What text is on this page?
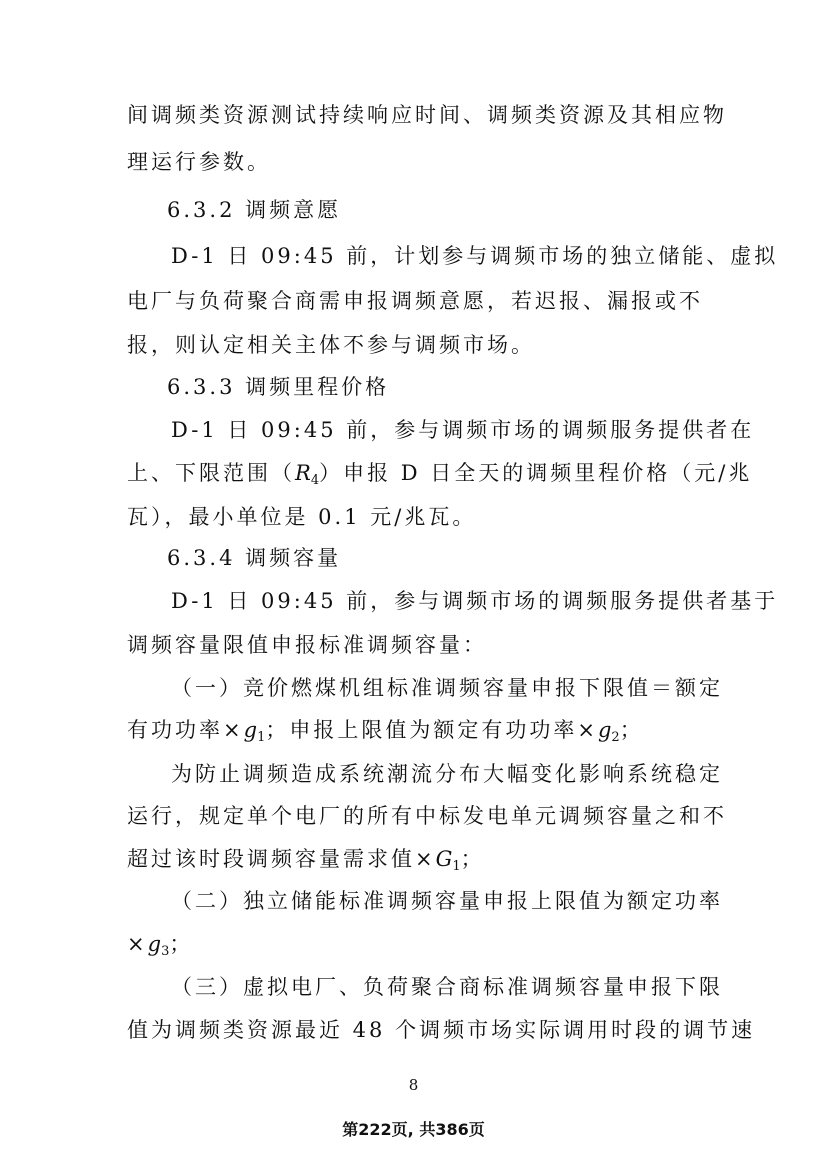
间调频类资源测试持续响应时间、调频类资源及其相应物
理运行参数。
6.3.2 调频意愿
D-1 日 09:45 前，计划参与调频市场的独立储能、虚拟
电厂与负荷聚合商需申报调频意愿，若迟报、漏报或不
报，则认定相关主体不参与调频市场。
6.3.3 调频里程价格
D-1 日 09:45 前，参与调频市场的调频服务提供者在
上、下限范围$(R_4)$申报 D 日全天的调频里程价格（元/兆
瓦），最小单位是 0.1 元/兆瓦。
6.3.4 调频容量
D-1 日 09:45 前，参与调频市场的调频服务提供者基于
调频容量限值申报标准调频容量：
（一）竞价燃煤机组标准调频容量申报下限值＝额定
有功功率$\times g_1$；申报上限值为额定有功功率$\times g_2$；
为防止调频造成系统潮流分布大幅变化影响系统稳定
运行，规定单个电厂的所有中标发电单元调频容量之和不
超过该时段调频容量需求值$\times G_1$；
（二）独立储能标准调频容量申报上限值为额定功率
$\times g_3$；
（三）虚拟电厂、负荷聚合商标准调频容量申报下限
值为调频类资源最近 48 个调频市场实际调用时段的调节速
8
第222页, 共386页
